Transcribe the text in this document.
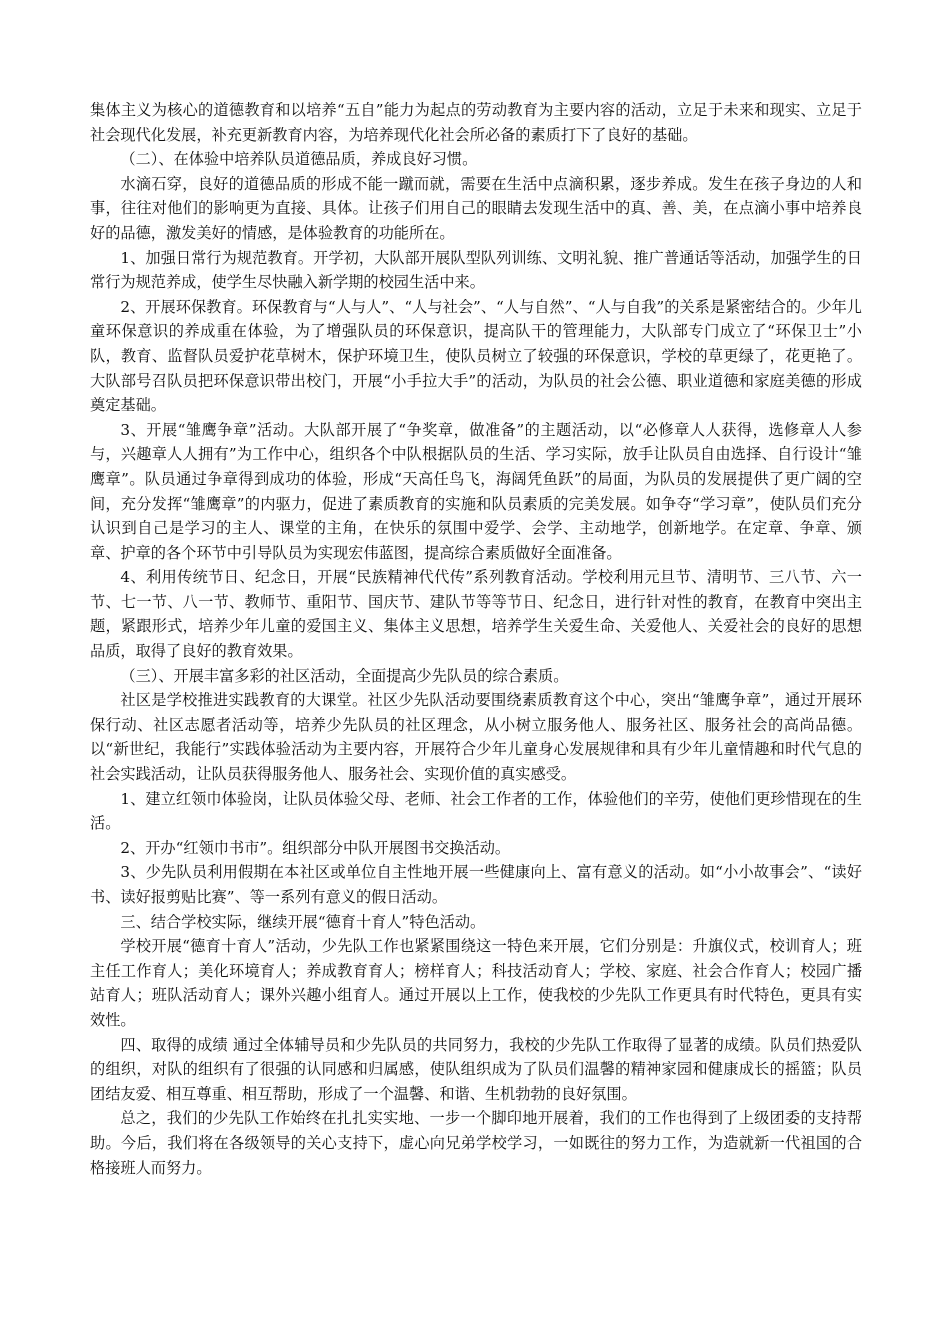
集体主义为核心的道德教育和以培养“五自”能力为起点的劳动教育为主要内容的活动，立足于未来和现实、立足于社会现代化发展，补充更新教育内容，为培养现代化社会所必备的素质打下了良好的基础。

（二）、在体验中培养队员道德品质，养成良好习惯。

水滴石穿，良好的道德品质的形成不能一蹴而就，需要在生活中点滴积累，逐步养成。发生在孩子身边的人和事，往往对他们的影响更为直接、具体。让孩子们用自己的眼睛去发现生活中的真、善、美，在点滴小事中培养良好的品德，激发美好的情感，是体验教育的功能所在。

1、加强日常行为规范教育。开学初，大队部开展队型队列训练、文明礼貌、推广普通话等活动，加强学生的日常行为规范养成，使学生尽快融入新学期的校园生活中来。

2、开展环保教育。环保教育与“人与人”、“人与社会”、“人与自然”、“人与自我”的关系是紧密结合的。少年儿童环保意识的养成重在体验，为了增强队员的环保意识，提高队干的管理能力，大队部专门成立了“环保卫士”小队，教育、监督队员爱护花草树木，保护环境卫生，使队员树立了较强的环保意识，学校的草更绿了，花更艳了。大队部号召队员把环保意识带出校门，开展“小手拉大手”的活动，为队员的社会公德、职业道德和家庭美德的形成奠定基础。

3、开展“雏鹰争章”活动。大队部开展了“争奖章，做准备”的主题活动，以“必修章人人获得，选修章人人参与，兴趣章人人拥有”为工作中心，组织各个中队根据队员的生活、学习实际，放手让队员自由选择、自行设计“雏鹰章”。队员通过争章得到成功的体验，形成“天高任鸟飞，海阔凭鱼跃”的局面，为队员的发展提供了更广阔的空间，充分发挥“雏鹰章”的内驱力，促进了素质教育的实施和队员素质的完美发展。如争夺“学习章”，使队员们充分认识到自己是学习的主人、课堂的主角，在快乐的氛围中爱学、会学、主动地学，创新地学。在定章、争章、颁章、护章的各个环节中引导队员为实现宏伟蓝图，提高综合素质做好全面准备。

4、利用传统节日、纪念日，开展“民族精神代代传”系列教育活动。学校利用元旦节、清明节、三八节、六一节、七一节、八一节、教师节、重阳节、国庆节、建队节等等节日、纪念日，进行针对性的教育，在教育中突出主题，紧跟形式，培养少年儿童的爱国主义、集体主义思想，培养学生关爱生命、关爱他人、关爱社会的良好的思想品质，取得了良好的教育效果。

（三）、开展丰富多彩的社区活动，全面提高少先队员的综合素质。

社区是学校推进实践教育的大课堂。社区少先队活动要围绕素质教育这个中心，突出“雏鹰争章”，通过开展环保行动、社区志愿者活动等，培养少先队员的社区理念，从小树立服务他人、服务社区、服务社会的高尚品德。以“新世纪，我能行”实践体验活动为主要内容，开展符合少年儿童身心发展规律和具有少年儿童情趣和时代气息的社会实践活动，让队员获得服务他人、服务社会、实现价值的真实感受。

1、建立红领巾体验岗，让队员体验父母、老师、社会工作者的工作，体验他们的辛劳，使他们更珍惜现在的生活。

2、开办“红领巾书市”。组织部分中队开展图书交换活动。

3、少先队员利用假期在本社区或单位自主性地开展一些健康向上、富有意义的活动。如“小小故事会”、“读好书、读好报剪贴比赛”、等一系列有意义的假日活动。

三、结合学校实际，继续开展“德育十育人”特色活动。

学校开展“德育十育人”活动，少先队工作也紧紧围绕这一特色来开展，它们分别是：升旗仪式，校训育人；班主任工作育人；美化环境育人；养成教育育人；榜样育人；科技活动育人；学校、家庭、社会合作育人；校园广播站育人；班队活动育人；课外兴趣小组育人。通过开展以上工作，使我校的少先队工作更具有时代特色，更具有实效性。

四、取得的成绩 通过全体辅导员和少先队员的共同努力，我校的少先队工作取得了显著的成绩。队员们热爱队的组织，对队的组织有了很强的认同感和归属感，使队组织成为了队员们温馨的精神家园和健康成长的摇篮；队员团结友爱、相互尊重、相互帮助，形成了一个温馨、和谐、生机勃勃的良好氛围。

总之，我们的少先队工作始终在扎扎实实地、一步一个脚印地开展着，我们的工作也得到了上级团委的支持帮助。今后，我们将在各级领导的关心支持下，虚心向兄弟学校学习，一如既往的努力工作，为造就新一代祖国的合格接班人而努力。
